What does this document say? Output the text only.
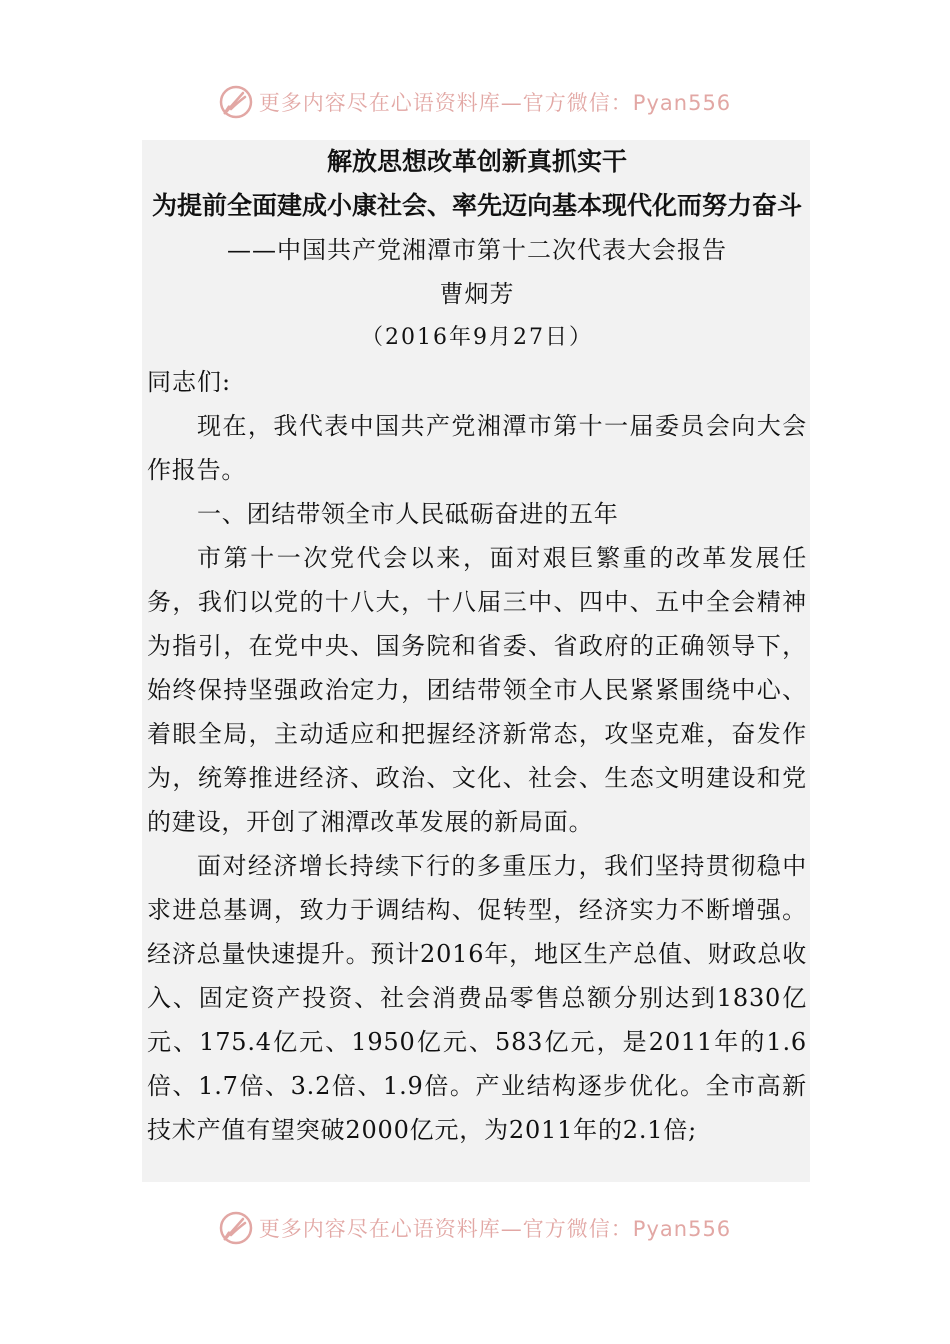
更多内容尽在心语资料库—官方微信：Pyan556
解放思想改革创新真抓实干
为提前全面建成小康社会、率先迈向基本现代化而努力奋斗
——中国共产党湘潭市第十二次代表大会报告
曹炯芳
（2016年9月27日）
同志们:

现在，我代表中国共产党湘潭市第十一届委员会向大会作报告。

一、团结带领全市人民砥砺奋进的五年

市第十一次党代会以来，面对艰巨繁重的改革发展任务，我们以党的十八大，十八届三中、四中、五中全会精神为指引，在党中央、国务院和省委、省政府的正确领导下，始终保持坚强政治定力，团结带领全市人民紧紧围绕中心、着眼全局，主动适应和把握经济新常态，攻坚克难，奋发作为，统筹推进经济、政治、文化、社会、生态文明建设和党的建设，开创了湘潭改革发展的新局面。

面对经济增长持续下行的多重压力，我们坚持贯彻稳中求进总基调，致力于调结构、促转型，经济实力不断增强。经济总量快速提升。预计2016年，地区生产总值、财政总收入、固定资产投资、社会消费品零售总额分别达到1830亿元、175.4亿元、1950亿元、583亿元，是2011年的1.6倍、1.7倍、3.2倍、1.9倍。产业结构逐步优化。全市高新技术产值有望突破2000亿元，为2011年的2.1倍;

更多内容尽在心语资料库—官方微信：Pyan556
